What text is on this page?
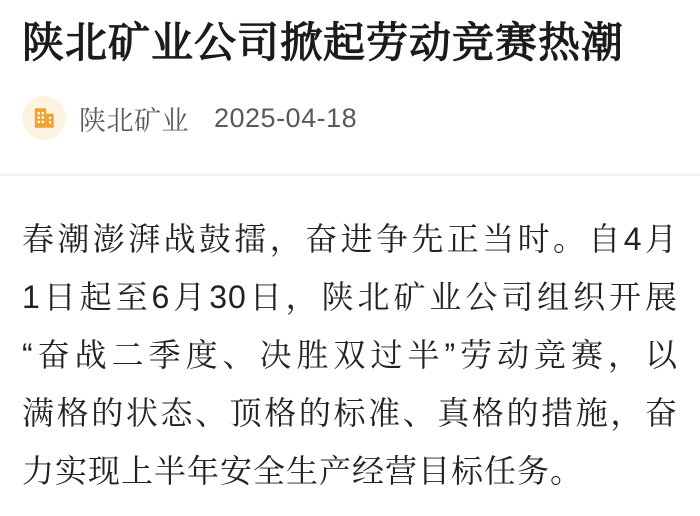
陕北矿业公司掀起劳动竞赛热潮
陕北矿业 2025-04-18
春潮澎湃战鼓擂，奋进争先正当时。自4月
1日起至6月30日，陕北矿业公司组织开展
“奋战二季度、决胜双过半”劳动竞赛，以
满格的状态、顶格的标准、真格的措施，奋
力实现上半年安全生产经营目标任务。
